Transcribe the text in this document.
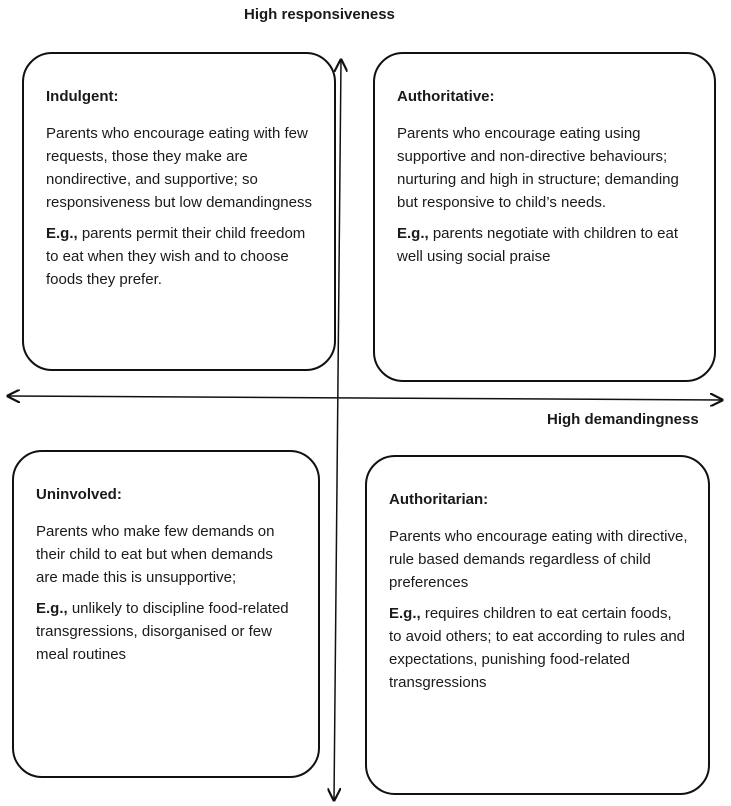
Indulgent:
Parents who encourage eating with few requests, those they make are nondirective, and supportive; so responsiveness but low demandingness
E.g., parents permit their child freedom to eat when they wish and to choose foods they prefer.
Authoritative:
Parents who encourage eating using supportive and non-directive behaviours; nurturing and high in structure; demanding but responsive to child’s needs.
E.g., parents negotiate with children to eat well using social praise
Uninvolved:
Parents who make few demands on their child to eat but when demands are made this is unsupportive;
E.g., unlikely to discipline food-related transgressions, disorganised or few meal routines
Authoritarian:
Parents who encourage eating with directive, rule based demands regardless of child preferences
E.g., requires children to eat certain foods, to avoid others; to eat according to rules and expectations, punishing food-related transgressions
High responsiveness
High demandingness
